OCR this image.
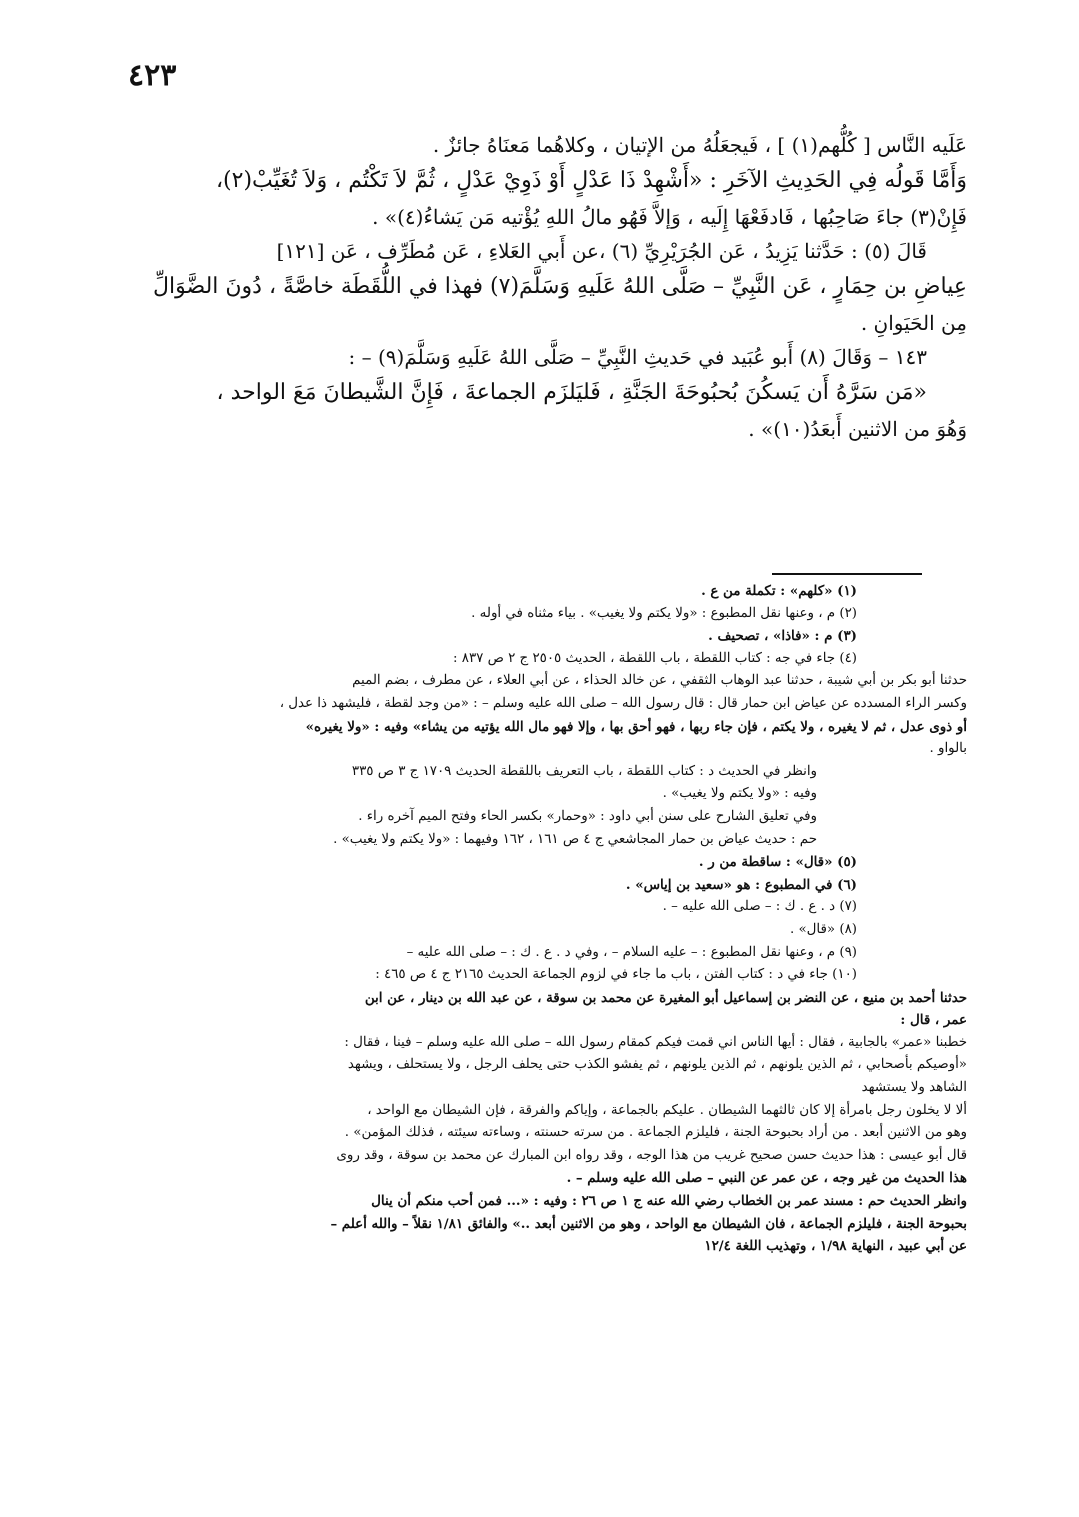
٤٢٣

عَلَيه النَّاس [ كُلُّهم(١) ] ، فَيجعَلُهُ من الإتيان ، وكلاهُما مَعنَاهُ جائزٌ .

وَأَمَّا قَولُه فِي الحَدِيثِ الآخَرِ : «أَشْهِدْ ذَا عَدْلٍ أَوْ ذَوِيْ عَدْلٍ ، ثُمَّ لاَ تَكْتُم ، وَلاَ تُغَيِّبْ(٢)،

فَإِنْ(٣) جاءَ صَاحِبُها ، فَادفَعْهَا إِلَيه ، وَإلاَّ فَهُو مالُ اللهِ يُؤْتيه مَن يَشاءُ(٤)» .

قَالَ (٥) : حَدَّثنا يَزِيدُ ، عَن الجُرَيْرِيِّ (٦) ،عن أَبي العَلاءِ ، عَن مُطَرِّف ، عَن [١٢١]

عِياضِ بن حِمَارٍ ، عَن النَّبِيِّ – صَلَّى اللهُ عَلَيهِ وَسَلَّمَ(٧) فهذا في اللُّقَطَة خاصَّةً ، دُونَ الضَّوَالِّ

مِن الحَيَوانِ .

١٤٣ – وَقَالَ (٨) أَبو عُبَيد في حَديثِ النَّبِيِّ – صَلَّى اللهُ عَلَيهِ وَسَلَّمَ(٩) – :

«مَن سَرَّهُ أَن يَسكُنَ بُحبُوحَةَ الجَنَّةِ ، فَليَلزَم الجماعةَ ، فَإِنَّ الشَّيطانَ مَعَ الواحد ،

وَهُوَ من الاثنين أَبعَدُ(١٠)» .

(١) «كلهم» : تكملة من ع .

(٢) م ، وعنها نقل المطبوع : «ولا يكتم ولا يغيب» . بياء مثناه في أوله .

(٣) م : «فاذا» ، تصحيف .

(٤) جاء في جه : كتاب اللقطة ، باب اللقطة ، الحديث ٢٥٠٥ ج ٢ ص ٨٣٧ :

حدثنا أبو بكر بن أبي شيبة ، حدثنا عبد الوهاب الثقفي ، عن خالد الحذاء ، عن أبي العلاء ، عن مطرف ، بضم الميم

وكسر الراء المسدده عن عياض ابن حمار قال : قال رسول الله – صلى الله عليه وسلم – : «من وجد لقطة ، فليشهد ذا عدل ،

أو ذوى عدل ، ثم لا يغيره ، ولا يكتم ، فإن جاء ربها ، فهو أحق بها ، وإلا فهو مال الله يؤتيه من يشاء» وفيه : «ولا يغيره»

بالواو .

وانظر في الحديث د : كتاب اللقطة ، باب التعريف باللقطة الحديث ١٧٠٩ ج ٣ ص ٣٣٥

وفيه : «ولا يكتم ولا يغيب» .

وفي تعليق الشارح على سنن أبي داود : «وحمار» بكسر الحاء وفتح الميم آخره راء .

حم : حديث عياض بن حمار المجاشعي ج ٤ ص ١٦١ ، ١٦٢ وفيهما : «ولا يكتم ولا يغيب» .

(٥) «قال» : ساقطة من ر .

(٦) في المطبوع : هو «سعيد بن إياس» .

(٧) د . ع . ك : – صلى الله عليه – .

(٨) «قال» .

(٩) م ، وعنها نقل المطبوع : – عليه السلام – ، وفي د . ع . ك : – صلى الله عليه –

(١٠) جاء في د : كتاب الفتن ، باب ما جاء في لزوم الجماعة الحديث ٢١٦٥ ج ٤ ص ٤٦٥ :

حدثنا أحمد بن منيع ، عن النضر بن إسماعيل أبو المغيرة عن محمد بن سوقة ، عن عبد الله بن دينار ، عن ابن

عمر ، قال :

خطبنا «عمر» بالجابية ، فقال : أيها الناس اني قمت فيكم كمقام رسول الله – صلى الله عليه وسلم – فينا ، فقال :

«أوصيكم بأصحابي ، ثم الذين يلونهم ، ثم الذين يلونهم ، ثم يفشو الكذب حتى يحلف الرجل ، ولا يستحلف ، ويشهد

الشاهد ولا يستشهد

ألا لا يخلون رجل بامرأة إلا كان ثالثهما الشيطان . عليكم بالجماعة ، وإياكم والفرقة ، فإن الشيطان مع الواحد ،

وهو من الاثنين أبعد . من أراد بحبوحة الجنة ، فليلزم الجماعة . من سرته حسنته ، وساءته سيئته ، فذلك المؤمن» .

قال أبو عيسى : هذا حديث حسن صحيح غريب من هذا الوجه ، وقد رواه ابن المبارك عن محمد بن سوقة ، وقد روى

هذا الحديث من غير وجه ، عن عمر عن النبي – صلى الله عليه وسلم – .

وانظر الحديث حم : مسند عمر بن الخطاب رضي الله عنه ج ١ ص ٢٦ : وفيه : «... فمن أحب منكم أن ينال

بحبوحة الجنة ، فليلزم الجماعة ، فان الشيطان مع الواحد ، وهو من الاثنين أبعد ..» والفائق ١/٨١ نقلاً – والله أعلم –

عن أبي عبيد ، النهاية ١/٩٨ ، وتهذيب اللغة ١٢/٤
